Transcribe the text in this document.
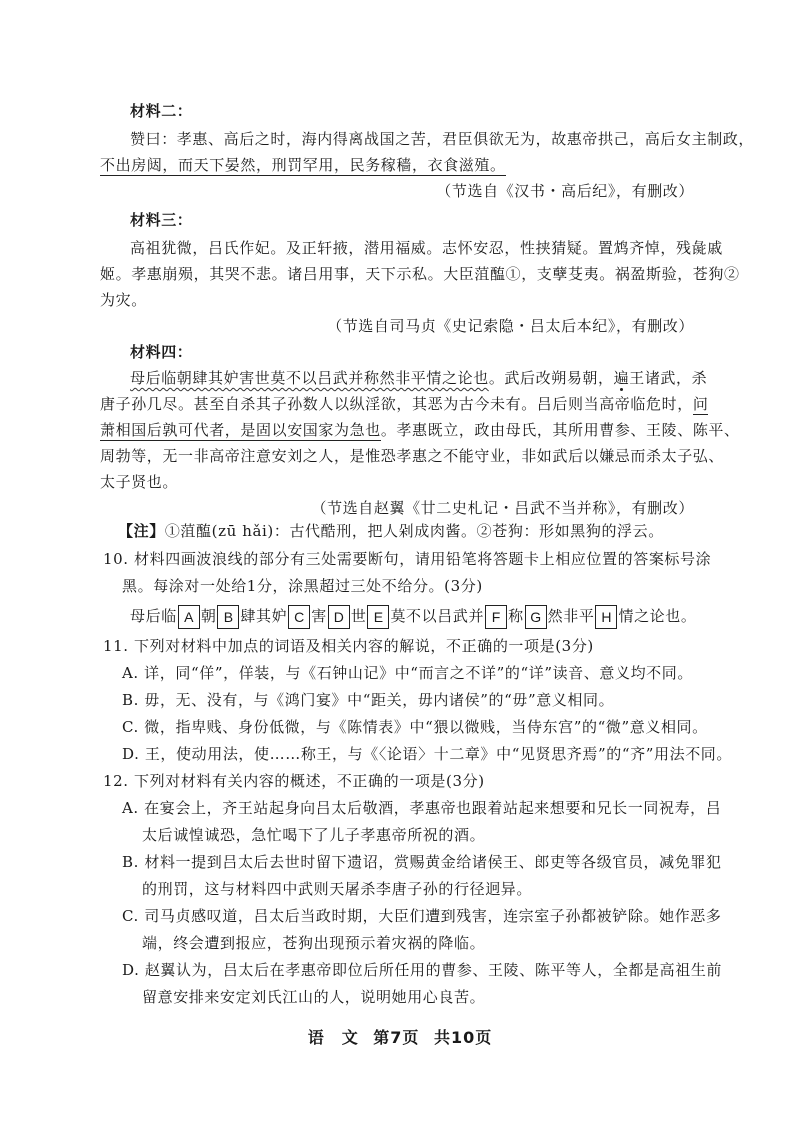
材料二：
赞曰：孝惠、高后之时，海内得离战国之苦，君臣俱欲无为，故惠帝拱己，高后女主制政，
不出房闼，而天下晏然，刑罚罕用，民务稼穑，衣食滋殖。
（节选自《汉书・高后纪》，有删改）
材料三：
高祖犹微，吕氏作妃。及正轩掖，潜用福威。志怀安忍，性挟猜疑。置鸩齐悼，残彘戚
姬。孝惠崩殒，其哭不悲。诸吕用事，天下示私。大臣菹醢①，支孽芟夷。祸盈斯验，苍狗②
为灾。
（节选自司马贞《史记索隐・吕太后本纪》，有删改）
材料四：
母后临朝肆其妒害世莫不以吕武并称然非平情之论也。武后改朔易朝，遍王诸武，杀
唐子孙几尽。甚至自杀其子孙数人以纵淫欲，其恶为古今未有。吕后则当高帝临危时，问
萧相国后孰可代者，是固以安国家为急也。孝惠既立，政由母氏，其所用曹参、王陵、陈平、
周勃等，无一非高帝注意安刘之人，是惟恐孝惠之不能守业，非如武后以嫌忌而杀太子弘、
太子贤也。
（节选自赵翼《廿二史札记・吕武不当并称》，有删改）
【注】①菹醢(zū hǎi)：古代酷刑，把人剁成肉酱。②苍狗：形如黑狗的浮云。
10. 材料四画波浪线的部分有三处需要断句，请用铅笔将答题卡上相应位置的答案标号涂
黑。每涂对一处给1分，涂黑超过三处不给分。(3分)
母后临 A 朝 B 肆其妒 C 害 D 世 E 莫不以吕武并 F 称 G 然非平 H 情之论也。
11. 下列对材料中加点的词语及相关内容的解说，不正确的一项是(3分)
A. 详，同“佯”，佯装，与《石钟山记》中“而言之不详”的“详”读音、意义均不同。
B. 毋，无、没有，与《鸿门宴》中“距关，毋内诸侯”的“毋”意义相同。
C. 微，指卑贱、身份低微，与《陈情表》中“猥以微贱，当侍东宫”的“微”意义相同。
D. 王，使动用法，使……称王，与《〈论语〉十二章》中“见贤思齐焉”的“齐”用法不同。
12. 下列对材料有关内容的概述，不正确的一项是(3分)
A. 在宴会上，齐王站起身向吕太后敬酒，孝惠帝也跟着站起来想要和兄长一同祝寿，吕
太后诚惶诚恐，急忙喝下了儿子孝惠帝所祝的酒。
B. 材料一提到吕太后去世时留下遗诏，赏赐黄金给诸侯王、郎吏等各级官员，减免罪犯
的刑罚，这与材料四中武则天屠杀李唐子孙的行径迥异。
C. 司马贞感叹道，吕太后当政时期，大臣们遭到残害，连宗室子孙都被铲除。她作恶多
端，终会遭到报应，苍狗出现预示着灾祸的降临。
D. 赵翼认为，吕太后在孝惠帝即位后所任用的曹参、王陵、陈平等人，全都是高祖生前
留意安排来安定刘氏江山的人，说明她用心良苦。
语　文 第7页 共10页
